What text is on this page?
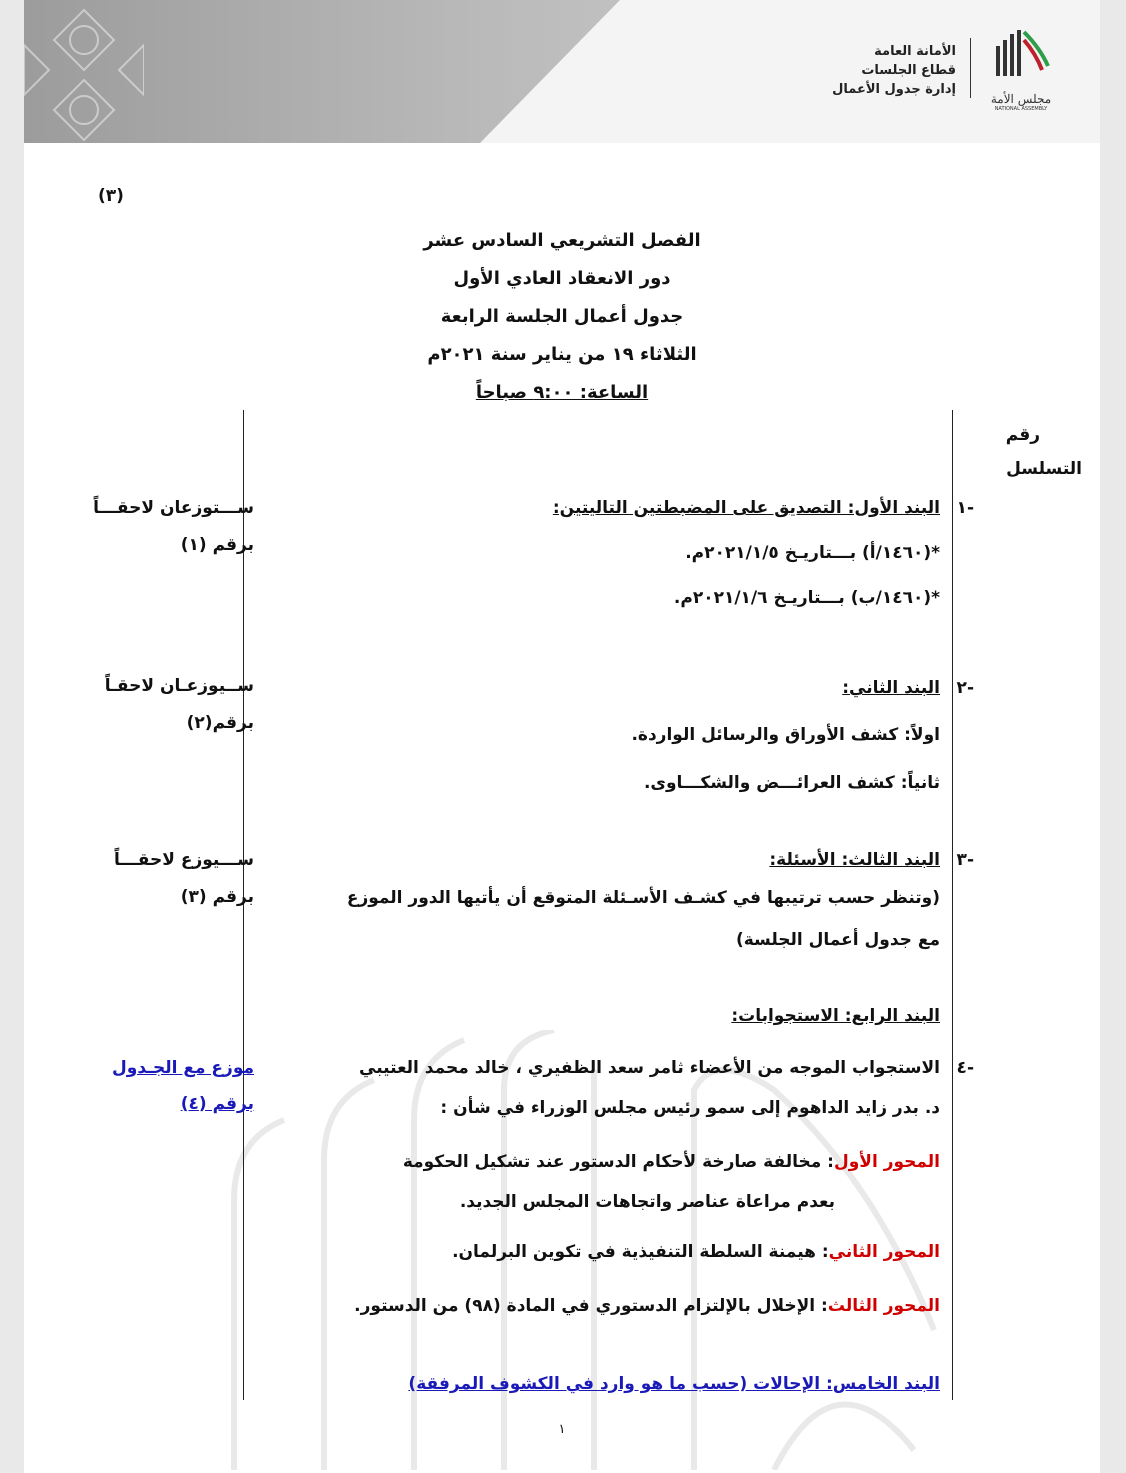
الأمانة العامة
قطاع الجلسات
إدارة جدول الأعمال
مجلس الأمة
NATIONAL ASSEMBLY
(٣)
الفصل التشريعي السادس عشر
دور الانعقاد العادي الأول
جدول أعمال الجلسة الرابعة
الثلاثاء ١٩ من يناير سنة ٢٠٢١م
الساعة: ٩:٠٠ صباحاً
رقم
التسلسل
-١
البند الأول: التصديق على المضبطتين التاليتين:
*(١٤٦٠/أ) بـــتاريـخ ٢٠٢١/١/٥م.
*(١٤٦٠/ب) بـــتاريـخ ٢٠٢١/١/٦م.
ســـتوزعان لاحقـــاً
برقم (١)
-٢
البند الثاني:
اولاً: كشف الأوراق والرسائل الواردة.
ثانياً: كشف العرائـــض والشكـــاوى.
ســيوزعـان لاحقـاً
برقم(٢)
-٣
البند الثالث: الأسئلة:
(وتنظر حسب ترتيبها في كشـف الأسـئلة المتوقع أن يأتيها الدور الموزع
مع جدول أعمال الجلسة)
ســـيوزع لاحقـــاً
برقم (٣)
البند الرابع: الاستجوابات:
-٤
الاستجواب الموجه من الأعضاء ثامر سعد الظفيري ، خالد محمد العتيبي
د. بدر زايد الداهوم إلى سمو رئيس مجلس الوزراء في شأن :
المحور الأول: مخالفة صارخة لأحكام الدستور عند تشكيل الحكومة
بعدم مراعاة عناصر واتجاهات المجلس الجديد.
المحور الثاني: هيمنة السلطة التنفيذية في تكوين البرلمان.
المحور الثالث: الإخلال بالإلتزام الدستوري في المادة (٩٨) من الدستور.
موزع مع الجـدول
برقم (٤)
البند الخامس: الإحالات (حسب ما هو وارد في الكشوف المرفقة)
١
